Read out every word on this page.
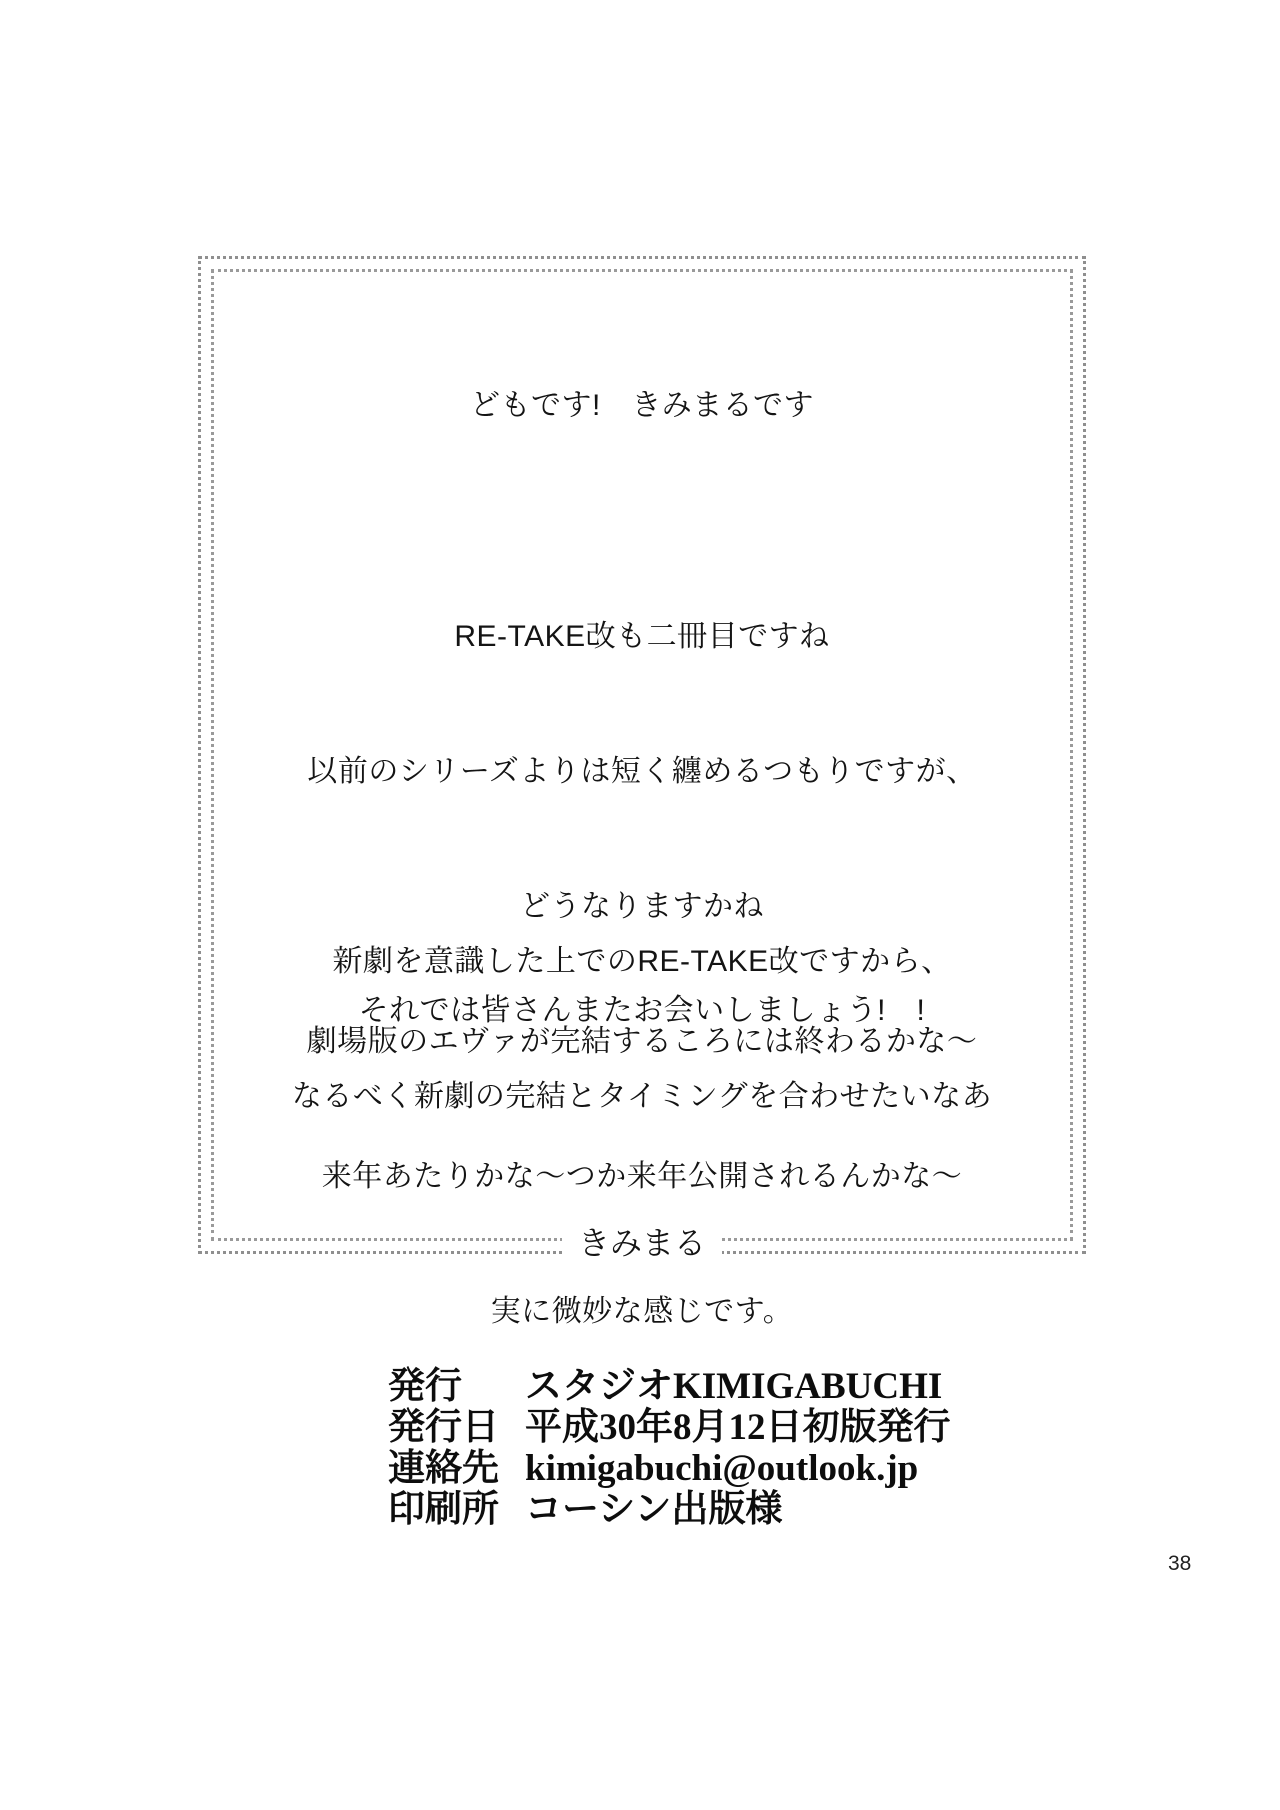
どもです!　きみまるです

RE-TAKE改も二冊目ですね

以前のシリーズよりは短く纏めるつもりですが、

どうなりますかね

劇場版のエヴァが完結するころには終わるかな～

来年あたりかな～つか来年公開されるんかな～

実に微妙な感じです。

新劇を意識した上でのRE-TAKE改ですから、

なるべく新劇の完結とタイミングを合わせたいなあ

それでは皆さんまたお会いしましょう!　!
きみまる
発行	スタジオKIMIGABUCHI
発行日 平成30年8月12日初版発行
連絡先 kimigabuchi@outlook.jp
印刷所 コーシン出版様
38
